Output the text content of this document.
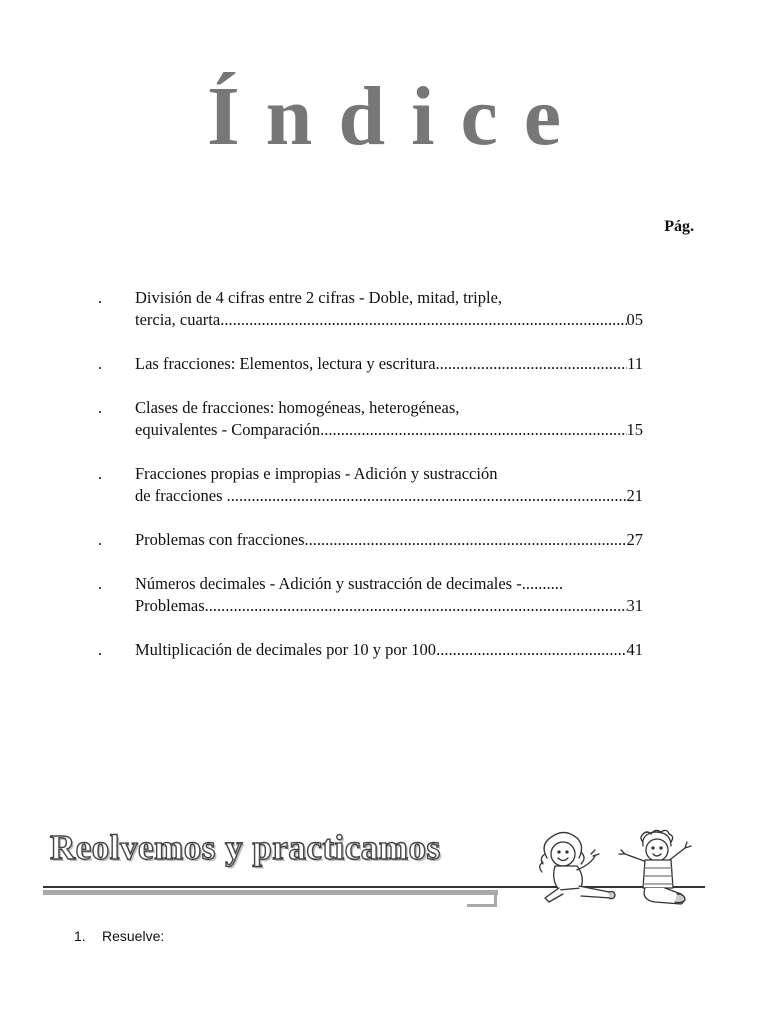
Índice
Pág.
.	División de 4 cifras entre 2 cifras - Doble, mitad, triple,
tercia, cuarta .....	05
.	Las fracciones: Elementos, lectura y escritura .....	11
.	Clases de fracciones: homogéneas, heterogéneas,
equivalentes - Comparación .....	15
.	Fracciones propias e impropias - Adición y sustracción
de fracciones .....	21
.	Problemas con fracciones .....	27
.	Números decimales - Adición y sustracción de decimales -..........
Problemas .....	31
.	Multiplicación de decimales por 10 y por 100 .....	41
Reolvemos y practicamos
1. Resuelve:
